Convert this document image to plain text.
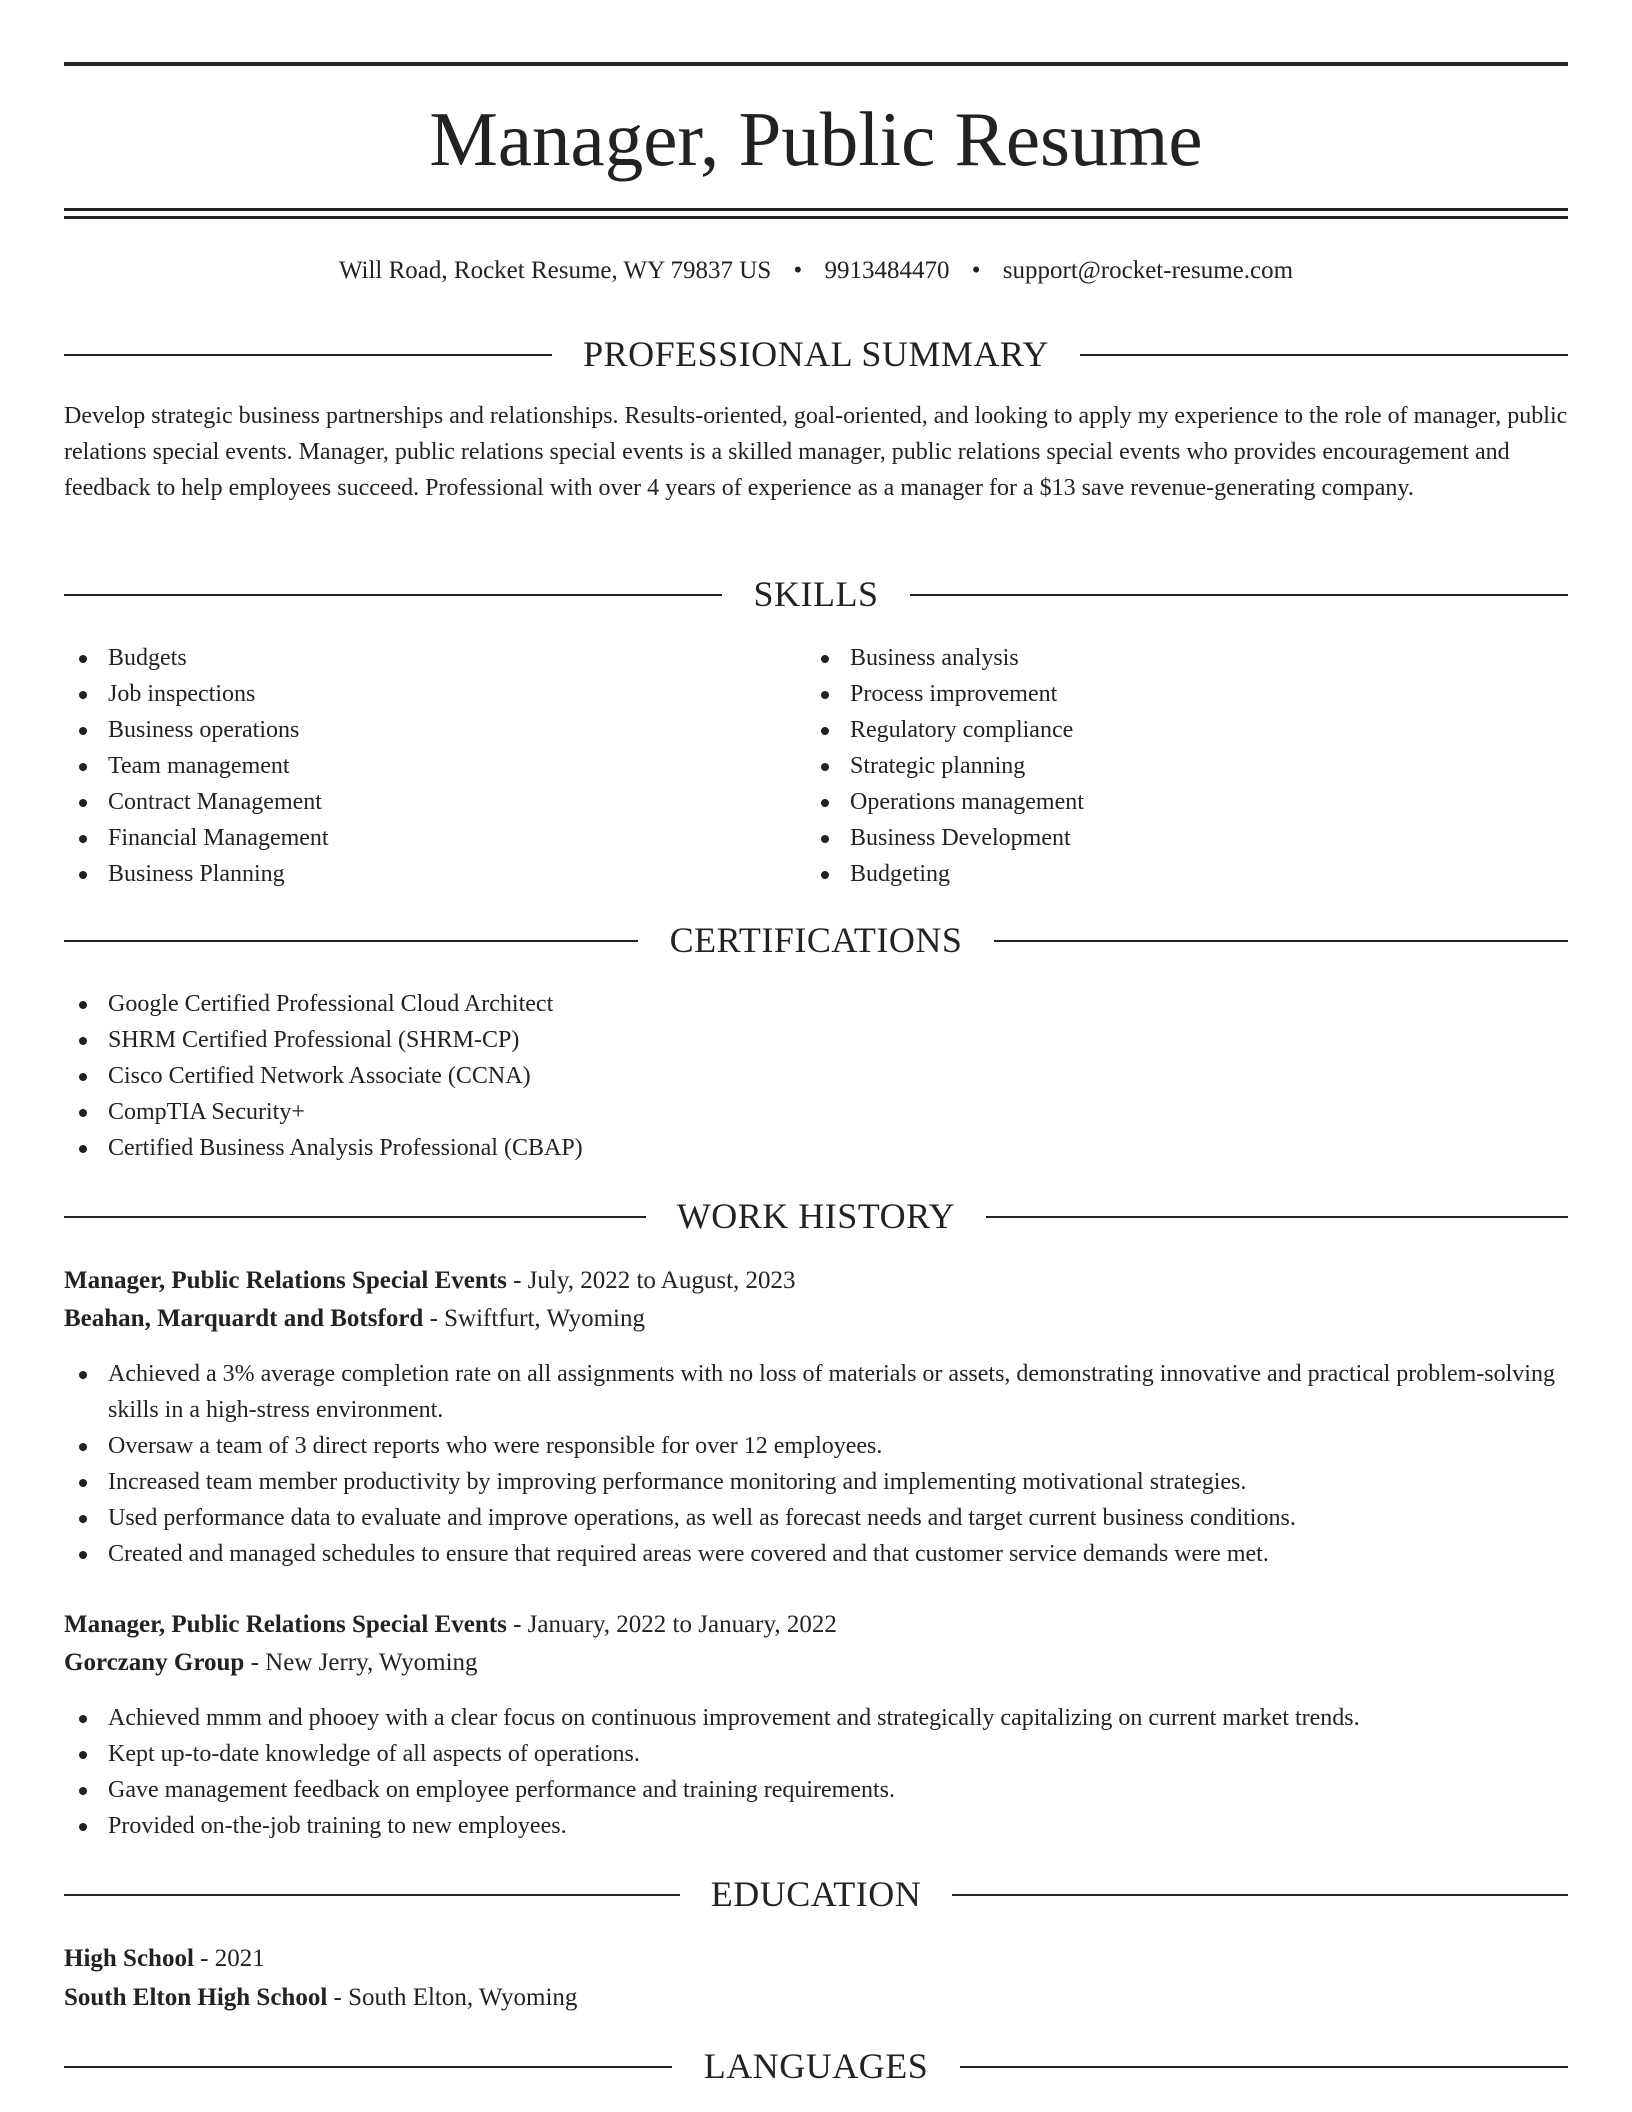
Manager, Public Resume
Will Road, Rocket Resume, WY 79837 US • 9913484470 • support@rocket-resume.com
PROFESSIONAL SUMMARY

Develop strategic business partnerships and relationships. Results-oriented, goal-oriented, and looking to apply my experience to the role of manager, public relations special events. Manager, public relations special events is a skilled manager, public relations special events who provides encouragement and feedback to help employees succeed. Professional with over 4 years of experience as a manager for a $13 save revenue-generating company.

SKILLS
Budgets
Job inspections
Business operations
Team management
Contract Management
Financial Management
Business Planning
Business analysis
Process improvement
Regulatory compliance
Strategic planning
Operations management
Business Development
Budgeting
CERTIFICATIONS
Google Certified Professional Cloud Architect
SHRM Certified Professional (SHRM-CP)
Cisco Certified Network Associate (CCNA)
CompTIA Security+
Certified Business Analysis Professional (CBAP)
WORK HISTORY
Manager, Public Relations Special Events - July, 2022 to August, 2023
Beahan, Marquardt and Botsford - Swiftfurt, Wyoming
Achieved a 3% average completion rate on all assignments with no loss of materials or assets, demonstrating innovative and practical problem-solving skills in a high-stress environment.
Oversaw a team of 3 direct reports who were responsible for over 12 employees.
Increased team member productivity by improving performance monitoring and implementing motivational strategies.
Used performance data to evaluate and improve operations, as well as forecast needs and target current business conditions.
Created and managed schedules to ensure that required areas were covered and that customer service demands were met.
Manager, Public Relations Special Events - January, 2022 to January, 2022
Gorczany Group - New Jerry, Wyoming
Achieved mmm and phooey with a clear focus on continuous improvement and strategically capitalizing on current market trends.
Kept up-to-date knowledge of all aspects of operations.
Gave management feedback on employee performance and training requirements.
Provided on-the-job training to new employees.
EDUCATION
High School - 2021
South Elton High School - South Elton, Wyoming
LANGUAGES
